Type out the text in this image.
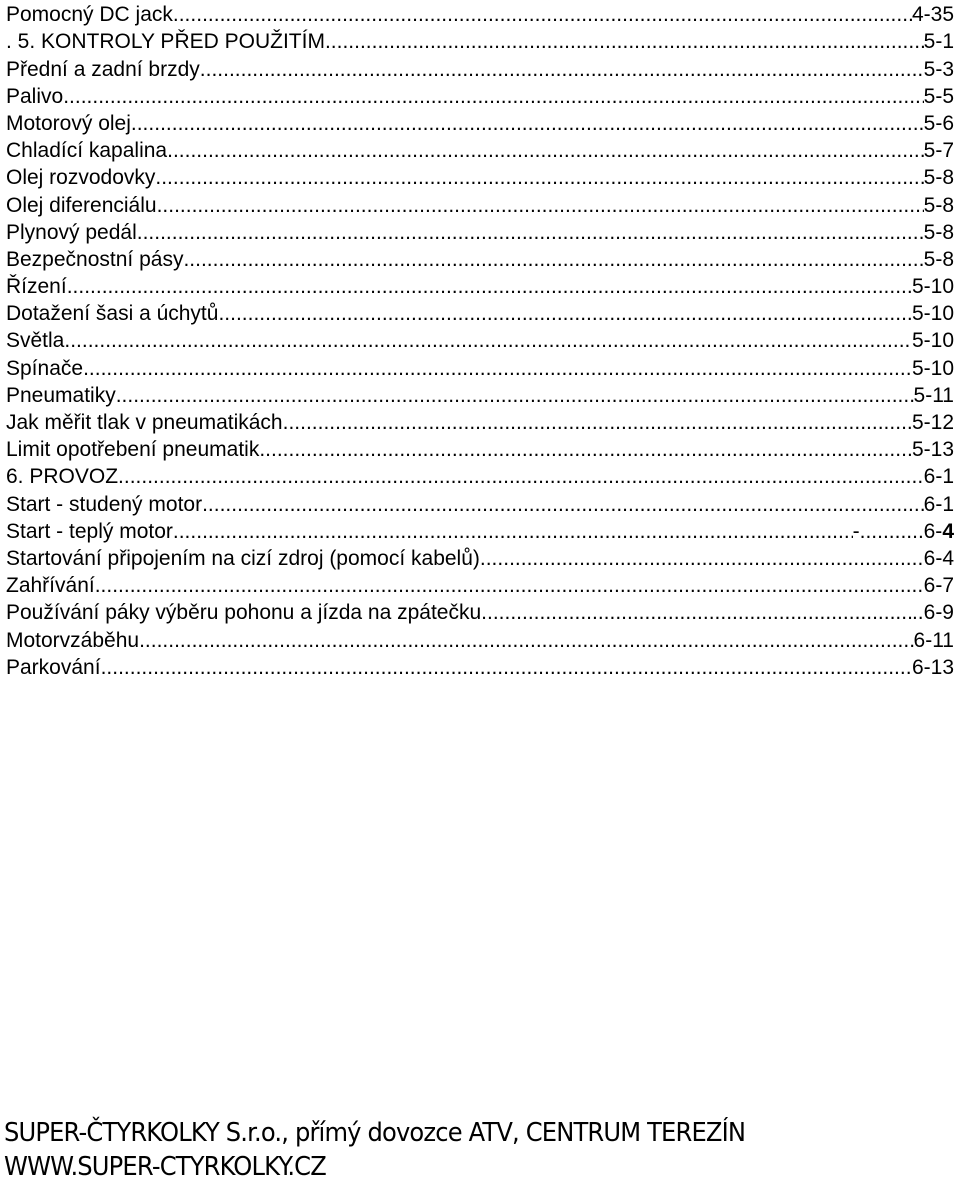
Pomocný DC jack .....	4-35
. 5. KONTROLY PŘED POUŽITÍM .....	5-1
Přední a zadní brzdy .....	5-3
Palivo .....	5-5
Motorový olej .....	5-6
Chladící kapalina .....	5-7
Olej rozvodovky .....	5-8
Olej diferenciálu .....	5-8
Plynový pedál .....	5-8
Bezpečnostní pásy .....	5-8
Řízení .....	5-10
Dotažení šasi a úchytů .....	5-10
Světla .....	5-10
Spínače .....	5-10
Pneumatiky .....	5-11
Jak měřit tlak v pneumatikách .....	5-12
Limit opotřebení pneumatik .....	5-13
6. PROVOZ .....	6-1
Start - studený motor .....	6-1
Start - teplý motor .....	- .....	6- 4
Startování připojením na cizí zdroj (pomocí kabelů) .....	6-4
Zahřívání .....	6-7
Používání páky výběru pohonu a jízda na zpátečku .....	..6-9
Motorvzáběhu .....	6-11
Parkování .....	6-13
SUPER-ČTYRKOLKY S.r.o., přímý dovozce ATV, CENTRUM TEREZÍN
WWW.SUPER-CTYRKOLKY.CZ
